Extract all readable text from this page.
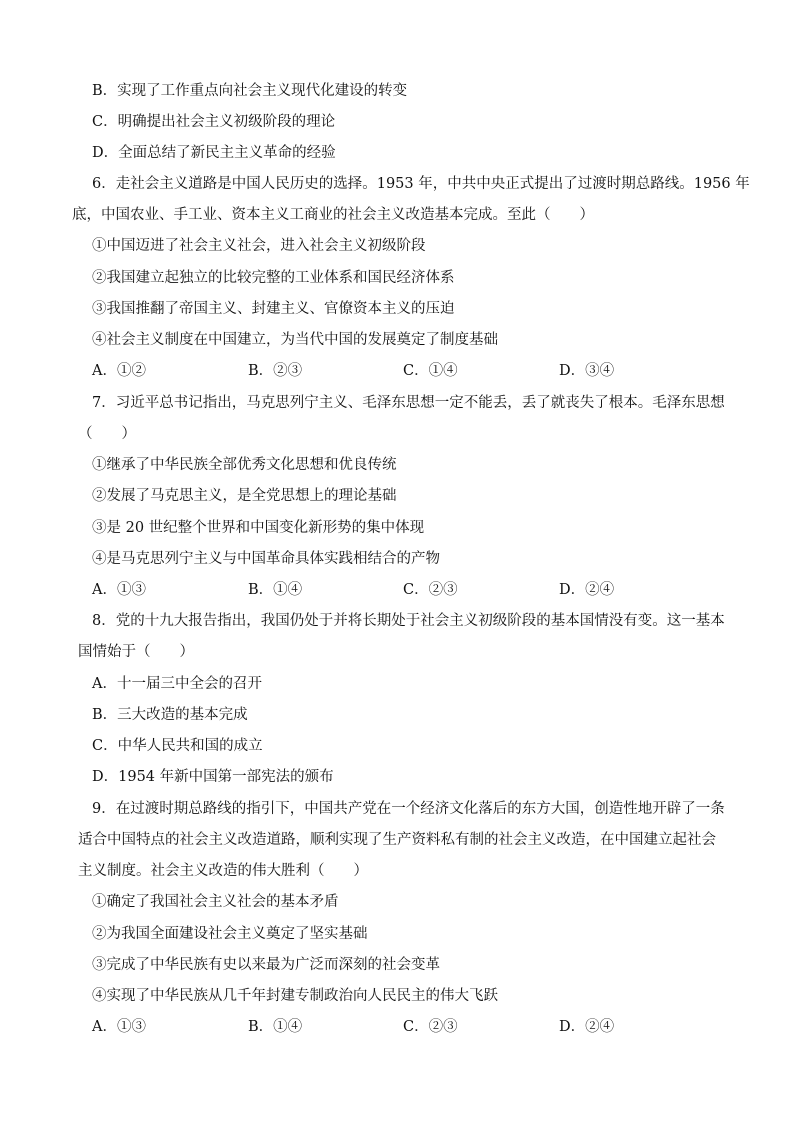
B．实现了工作重点向社会主义现代化建设的转变
C．明确提出社会主义初级阶段的理论
D．全面总结了新民主主义革命的经验
6．走社会主义道路是中国人民历史的选择。1953 年，中共中央正式提出了过渡时期总路线。1956 年
底，中国农业、手工业、资本主义工商业的社会主义改造基本完成。至此（　　）
①中国迈进了社会主义社会，进入社会主义初级阶段
②我国建立起独立的比较完整的工业体系和国民经济体系
③我国推翻了帝国主义、封建主义、官僚资本主义的压迫
④社会主义制度在中国建立，为当代中国的发展奠定了制度基础
A．①②	B．②③	C．①④	D．③④
7．习近平总书记指出，马克思列宁主义、毛泽东思想一定不能丢，丢了就丧失了根本。毛泽东思想
（　　）
①继承了中华民族全部优秀文化思想和优良传统
②发展了马克思主义，是全党思想上的理论基础
③是 20 世纪整个世界和中国变化新形势的集中体现
④是马克思列宁主义与中国革命具体实践相结合的产物
A．①③	B．①④	C．②③	D．②④
8．党的十九大报告指出，我国仍处于并将长期处于社会主义初级阶段的基本国情没有变。这一基本
国情始于（　　）
A．十一届三中全会的召开
B．三大改造的基本完成
C．中华人民共和国的成立
D．1954 年新中国第一部宪法的颁布
9．在过渡时期总路线的指引下，中国共产党在一个经济文化落后的东方大国，创造性地开辟了一条
适合中国特点的社会主义改造道路，顺利实现了生产资料私有制的社会主义改造，在中国建立起社会
主义制度。社会主义改造的伟大胜利（　　）
①确定了我国社会主义社会的基本矛盾
②为我国全面建设社会主义奠定了坚实基础
③完成了中华民族有史以来最为广泛而深刻的社会变革
④实现了中华民族从几千年封建专制政治向人民民主的伟大飞跃
A．①③	B．①④	C．②③	D．②④
